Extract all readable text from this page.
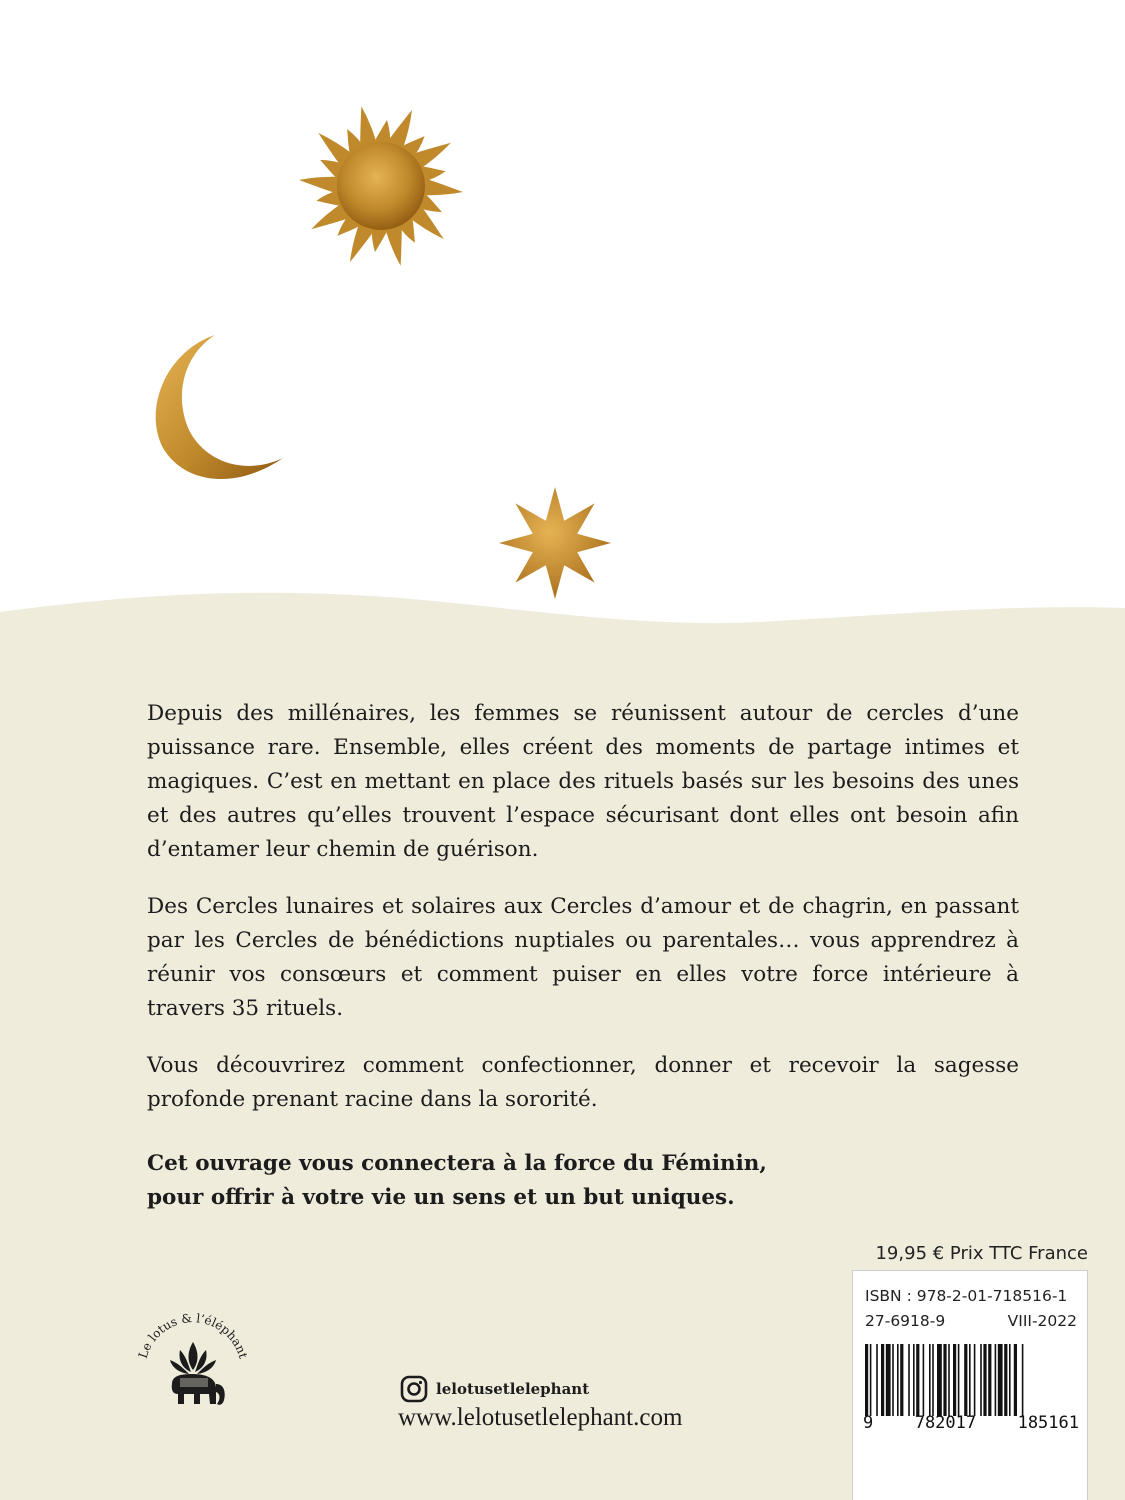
Depuis des millénaires, les femmes se réunissent autour de cercles d’une puissance rare. Ensemble, elles créent des moments de partage intimes et magiques. C’est en mettant en place des rituels basés sur les besoins des unes et des autres qu’elles trouvent l’espace sécurisant dont elles ont besoin afin d’entamer leur chemin de guérison.

Des Cercles lunaires et solaires aux Cercles d’amour et de chagrin, en passant par les Cercles de bénédictions nuptiales ou parentales… vous apprendrez à réunir vos consœurs et comment puiser en elles votre force intérieure à travers 35 rituels.

Vous découvrirez comment confectionner, donner et recevoir la sagesse profonde prenant racine dans la sororité.

Cet ouvrage vous connectera à la force du Féminin,
pour offrir à votre vie un sens et un but uniques.

19,95 € Prix TTC France
ISBN : 978-2-01-718516-1
27-6918-9	VIII-2022
9 782017 185161
Le lotus & l’éléphant
lelotusetlelephant
www.lelotusetlelephant.com
